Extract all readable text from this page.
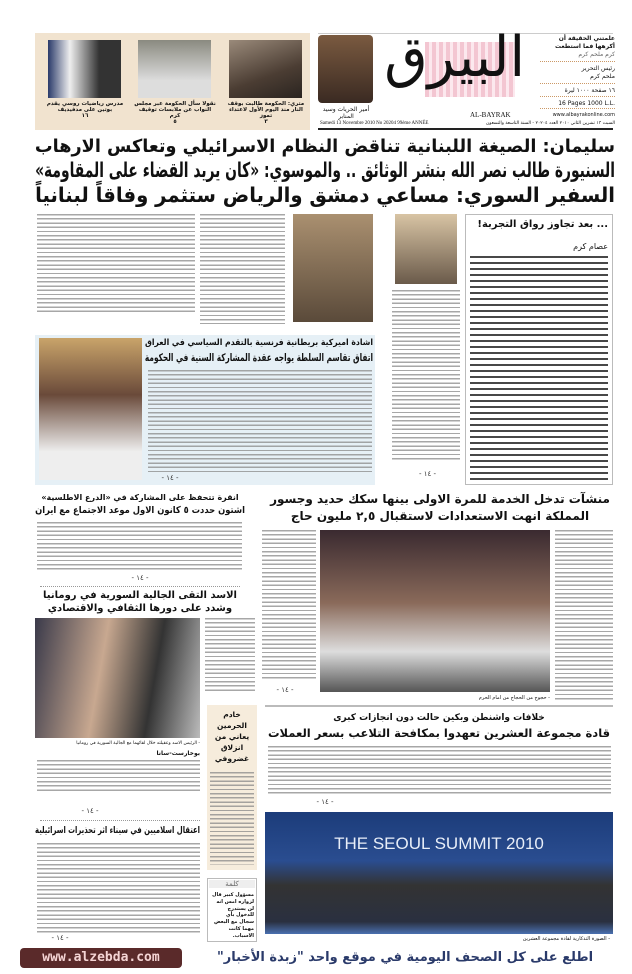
أمير الحريات وسيد المنابر
البيرق
AL-BAYRAK
علمتني الحقيقة أن أكرهها فما استطعت
كرم ملحم كرم
رئيس التحرير
ملحم كرم
١٦ صفحة ١٠٠٠ ليرة
16 Pages 1000 L.L.
www.albayrakonline.com
السبت ١٣ تشرين الثاني ٢٠١٠ العدد ٢٠٢٠٤ - السنة التاسعة والتسعون
Samedi 13 Novembre 2010 No 20204 99ème ANNÉE
متري: الحكومة طالبت بوقف النار منذ اليوم الأول لاعتداء تموز
٣
نقولا سأل الحكومة عبر مجلس النواب عن ملابسات توقيف كرم
٥
مدرس رياضيات روسي يقدم بوتين على مدفيديف
١٦
سليمان: الصيغة اللبنانية تناقض النظام الاسرائيلي وتعاكس الارهاب
السنيورة طالب نصر الله بنشر الوثائق .. والموسوي: «كان يريد القضاء على المقاومة»
السفير السوري: مساعي دمشق والرياض ستثمر وفاقاً لبنانياً
... بعد تجاوز رواق التجربة!
عصام كرم
- ١٤ -
اشادة اميركية بريطانية فرنسية بالتقدم السياسي في العراق
اتفاق تقاسم السلطة يواجه عقدة المشاركة السنية في الحكومة
- ١٤ -
منشآت تدخل الخدمة للمرة الاولى بينها سكك حديد وجسور
المملكة انهت الاستعدادات لاستقبال ٢,٥ مليون حاج
- حجوج من الحجاج من امام الحرم
- ١٤ -
انقرة تتحفظ على المشاركة في «الدرع الاطلسية»
اشتون حددت ٥ كانون الاول موعد الاجتماع مع ايران
- ١٤ -
الاسد التقى الجالية السورية في رومانيا
وشدد على دورها الثقافي والاقتصادي
- الرئيس الاسد وعقيلته خلال لقائهما مع الجالية السورية في رومانيا
بوخارست-سانا
- ١٤ -
خادم الحرمين يعاني من انزلاق غضروفي
خلافات واشنطن وبكين حالت دون انجازات كبرى
قادة مجموعة العشرين تعهدوا بمكافحة التلاعب بسعر العملات
- ١٤ -
THE SEOUL SUMMIT 2010
- الصورة التذكارية لقادة مجموعة العشرين
اعتقال اسلاميين في سيناء اثر تحذيرات اسرائيلية
- ١٤ -
كلمة
مسؤول كبير قال لزواره امس انه لن يستدرج للدخول بأي سجال مع البعض مهما كانت الاسباب.
www.alzebda.com	اطلع على كل الصحف اليومية في موقع واحد "زبدة الأخبار"
